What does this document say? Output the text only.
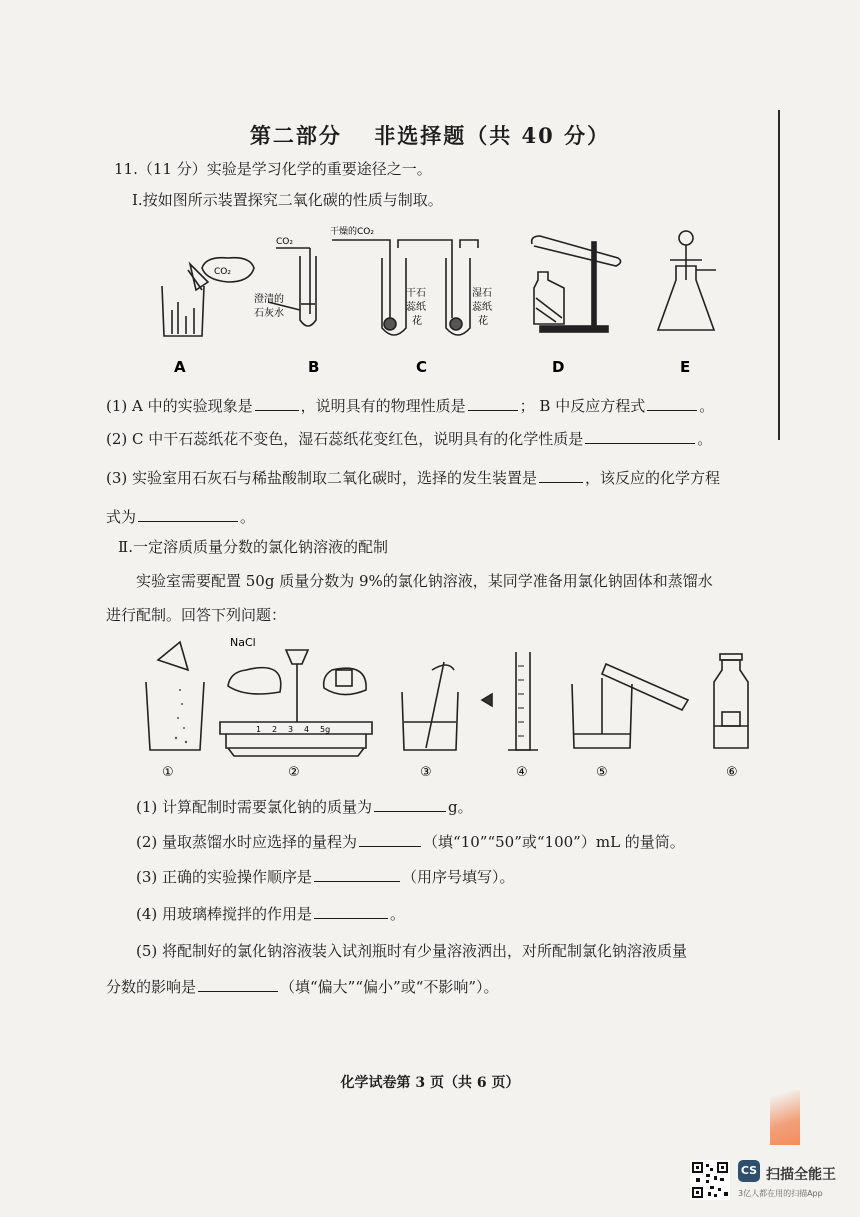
第二部分　 非选择题（共 40 分）
11.（11 分）实验是学习化学的重要途径之一。
Ⅰ.按如图所示装置探究二氧化碳的性质与制取。
CO₂
CO₂
澄清的
石灰水
干燥的CO₂
干石
蕊纸
花
湿石
蕊纸
花
A	B	C	D	E
(1) A 中的实验现象是	，说明具有的物理性质是	； B 中反应方程式	。
(2) C 中干石蕊纸花不变色，湿石蕊纸花变红色，说明具有的化学性质是	。
(3) 实验室用石灰石与稀盐酸制取二氧化碳时，选择的发生装置是	，该反应的化学方程
式为	。
Ⅱ.一定溶质质量分数的氯化钠溶液的配制
实验室需要配置 50g 质量分数为 9%的氯化钠溶液，某同学准备用氯化钠固体和蒸馏水
进行配制。回答下列问题：
NaCl
1 2 3 4 5g
①	②	③	④	⑤	⑥
(1) 计算配制时需要氯化钠的质量为	g。
(2) 量取蒸馏水时应选择的量程为	（填“10”“50”或“100”）mL 的量筒。
(3) 正确的实验操作顺序是	（用序号填写）。
(4) 用玻璃棒搅拌的作用是	。
(5) 将配制好的氯化钠溶液装入试剂瓶时有少量溶液洒出，对所配制氯化钠溶液质量
分数的影响是	（填“偏大”“偏小”或“不影响”）。
化学试卷第 3 页（共 6 页）
CS 扫描全能王
3亿人都在用的扫描App
